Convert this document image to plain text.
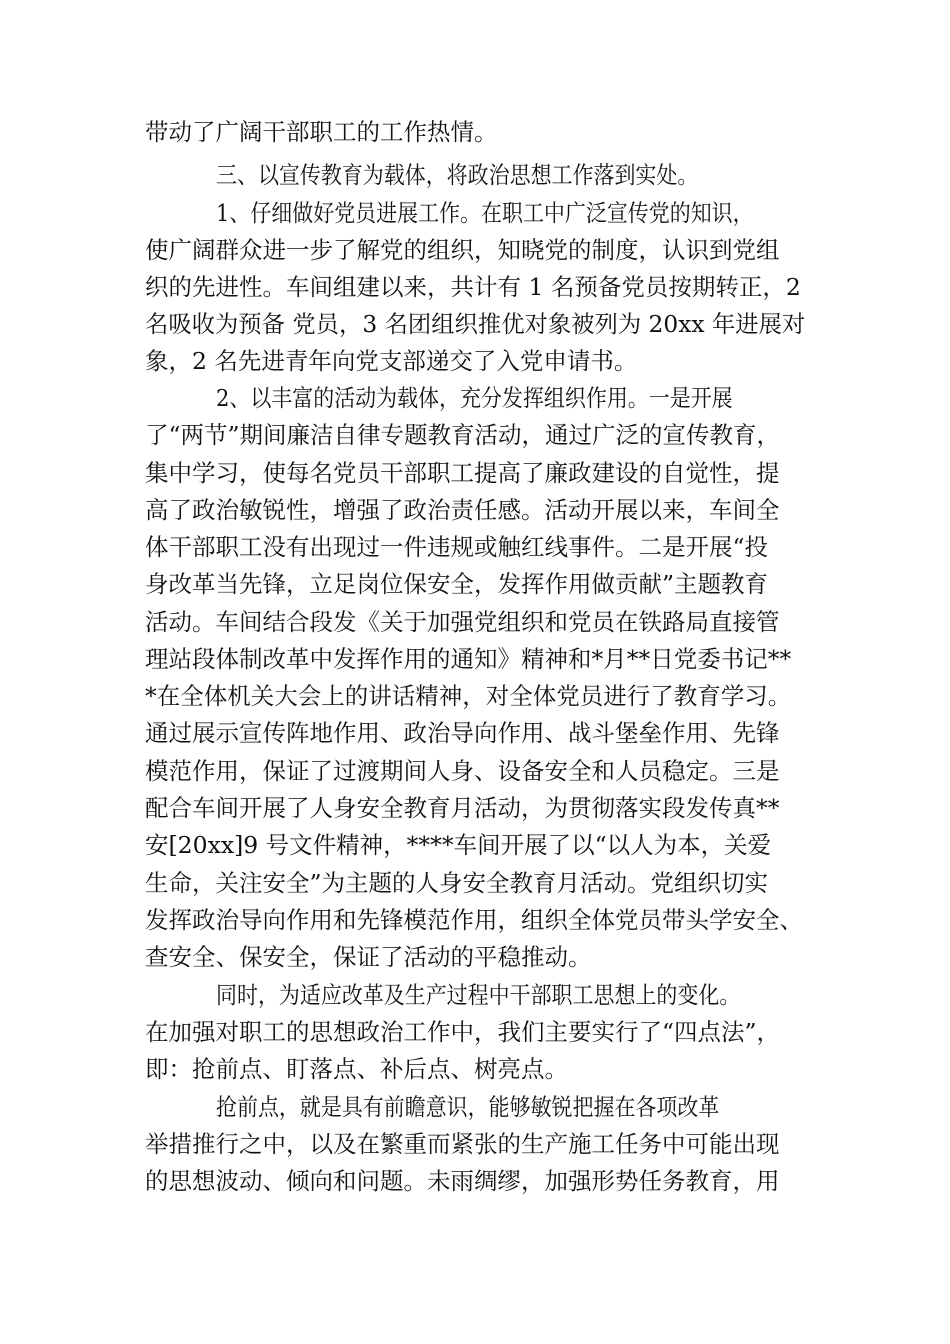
带动了广阔干部职工的工作热情。
三、以宣传教育为载体，将政治思想工作落到实处。
1、仔细做好党员进展工作。在职工中广泛宣传党的知识，
使广阔群众进一步了解党的组织，知晓党的制度，认识到党组
织的先进性。车间组建以来，共计有 1 名预备党员按期转正，2
名吸收为预备 党员，3 名团组织推优对象被列为 20xx 年进展对
象，2 名先进青年向党支部递交了入党申请书。
2、以丰富的活动为载体，充分发挥组织作用。一是开展
了“两节”期间廉洁自律专题教育活动，通过广泛的宣传教育，
集中学习，使每名党员干部职工提高了廉政建设的自觉性，提
高了政治敏锐性，增强了政治责任感。活动开展以来，车间全
体干部职工没有出现过一件违规或触红线事件。二是开展“投
身改革当先锋，立足岗位保安全，发挥作用做贡献”主题教育
活动。车间结合段发《关于加强党组织和党员在铁路局直接管
理站段体制改革中发挥作用的通知》精神和*月**日党委书记**
*在全体机关大会上的讲话精神，对全体党员进行了教育学习。
通过展示宣传阵地作用、政治导向作用、战斗堡垒作用、先锋
模范作用，保证了过渡期间人身、设备安全和人员稳定。三是
配合车间开展了人身安全教育月活动，为贯彻落实段发传真**
安[20xx]9 号文件精神，****车间开展了以“以人为本，关爱
生命，关注安全”为主题的人身安全教育月活动。党组织切实
发挥政治导向作用和先锋模范作用，组织全体党员带头学安全、
查安全、保安全，保证了活动的平稳推动。
同时，为适应改革及生产过程中干部职工思想上的变化。
在加强对职工的思想政治工作中，我们主要实行了“四点法”，
即：抢前点、盯落点、补后点、树亮点。
抢前点，就是具有前瞻意识，能够敏锐把握在各项改革
举措推行之中，以及在繁重而紧张的生产施工任务中可能出现
的思想波动、倾向和问题。未雨绸缪，加强形势任务教育，用
